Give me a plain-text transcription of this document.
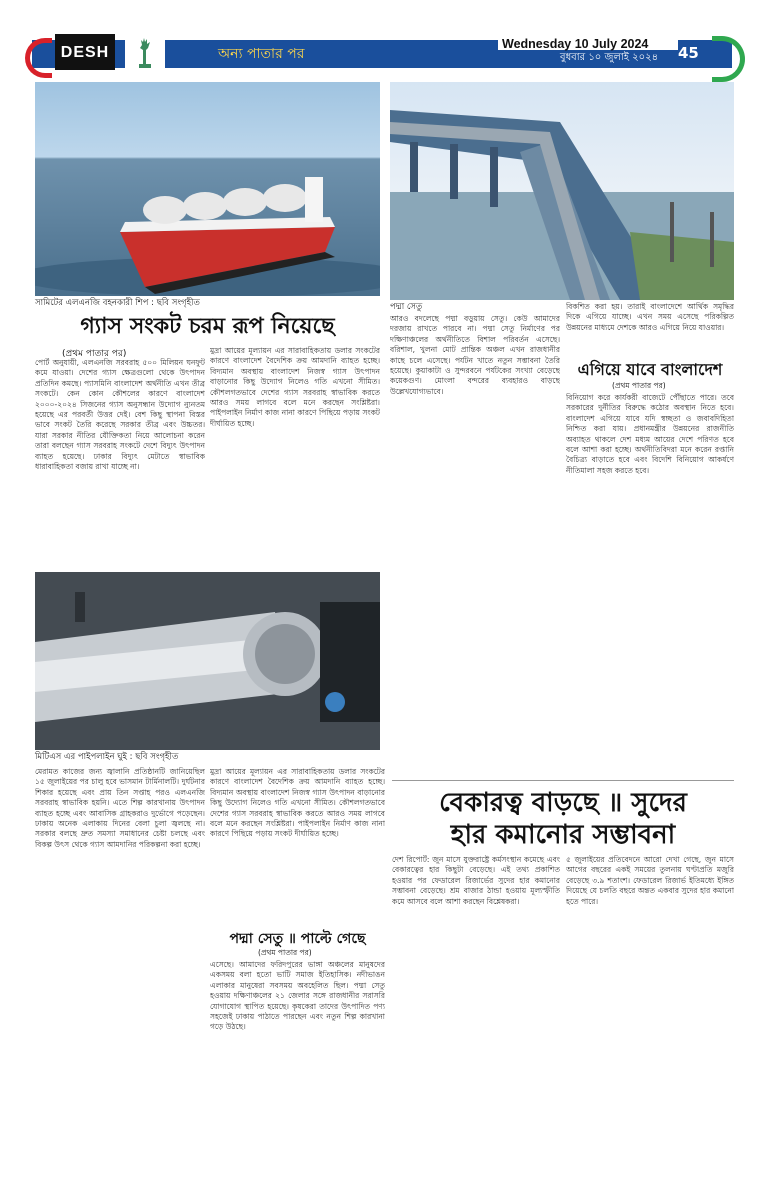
DESH	অন্য পাতার পর
Wednesday 10 July 2024
বুধবার ১০ জুলাই ২০২৪ 45
সামিটের এলএনজি বহনকারী শিপ : ছবি সংগৃহীত	পদ্মা সেতু
গ্যাস সংকট চরম রূপ নিয়েছে
(প্রথম পাতার পর)
পোর্ট অনুযায়ী, এলএনজি সরবরাহ ৫০০ মিলিয়ন ঘনফুট কমে যাওয়া। দেশের গ্যাস ক্ষেত্রগুলো থেকে উৎপাদন প্রতিদিন কমছে। প্যাসমিনি বাংলাদেশ অর্থনীতি এখন তীব্র সংকটে। কেন কোন কৌশলের কারণে বাংলাদেশ ২০০০-২০২৪ সিজনের গ্যাস অনুসন্ধান উদ্যোগ ন্যুনতম হয়েছে এর পরবর্তী উত্তর দেই। বেশ কিছু স্থাপনা বিস্তর ভাবে সংকট তৈরি করেছে সরকার তীব্র এবং উচ্চতর। যারা সরকার নীতির যৌক্তিকতা নিয়ে আলোচনা করেন তারা বলছেন গ্যাস সরবরাহ সংকটে দেশে বিদ্যুৎ উৎপাদন ব্যাহত হয়েছে। ঢাকার বিদ্যুৎ মেটাতে স্বাভাবিক ধারাবাহিকতা বজায় রাখা যাচ্ছে না।
মুদ্রা আয়ের মূল্যায়ন এর সারাবাহিকতায় ডলার সংকটের কারণে বাংলাদেশ বৈদেশিক ক্রয় আমদানি ব্যাহত হচ্ছে। বিদ্যমান অবস্থায় বাংলাদেশ নিজস্ব গ্যাস উৎপাদন বাড়ানোর কিছু উদ্যোগ নিলেও গতি এখনো সীমিত। কৌশলগতভাবে দেশের গ্যাস সরবরাহ স্বাভাবিক করতে আরও সময় লাগবে বলে মনে করছেন সংশ্লিষ্টরা। পাইপলাইন নির্মাণ কাজ নানা কারণে পিছিয়ে পড়ায় সংকট দীর্ঘায়িত হচ্ছে।
মিটিএস এর পাইপলাইন ঘুই : ছবি সংগৃহীত
মেরামত কাজের জন্য জ্বালানি প্রতিষ্ঠানটি জানিয়েছিল ১৫ জুলাইয়ের পর চালু হবে ভাসমান টার্মিনালটি। দুর্ঘটনার শিকার হয়েছে এবং প্রায় তিন সপ্তাহ পরও এলএনজি সরবরাহ স্বাভাবিক হয়নি। এতে শিল্প কারখানায় উৎপাদন ব্যাহত হচ্ছে এবং আবাসিক গ্রাহকরাও দুর্ভোগে পড়েছেন। ঢাকায় অনেক এলাকায় দিনের বেলা চুলা জ্বলছে না। সরকার বলছে দ্রুত সমস্যা সমাধানের চেষ্টা চলছে এবং বিকল্প উৎস থেকে গ্যাস আমদানির পরিকল্পনা করা হচ্ছে।
পদ্মা সেতু ॥ পাল্টে গেছে
(প্রথম পাতার পর)
মুদ্রা আয়ের মূল্যায়ন এর সারাবাহিকতায় ডলার সংকটের কারণে বাংলাদেশ বৈদেশিক ক্রয় আমদানি ব্যাহত হচ্ছে। বিদ্যমান অবস্থায় বাংলাদেশ নিজস্ব গ্যাস উৎপাদন বাড়ানোর কিছু উদ্যোগ নিলেও গতি এখনো সীমিত। কৌশলগতভাবে দেশের গ্যাস সরবরাহ স্বাভাবিক করতে আরও সময় লাগবে বলে মনে করছেন সংশ্লিষ্টরা। পাইপলাইন নির্মাণ কাজ নানা কারণে পিছিয়ে পড়ায় সংকট দীর্ঘায়িত হচ্ছে।
এসেছে। আমাদের ফরিদপুরের ভাঙ্গা অঞ্চলের মানুষদের একসময় বলা হতো ভাটি সমাজ ইতিহাসিক। নদীভাঙন এলাকার মানুষেরা সবসময় অবহেলিত ছিল। পদ্মা সেতু হওয়ায় দক্ষিণাঞ্চলের ২১ জেলার সঙ্গে রাজধানীর সরাসরি যোগাযোগ স্থাপিত হয়েছে। কৃষকেরা তাদের উৎপাদিত পণ্য সহজেই ঢাকায় পাঠাতে পারছেন এবং নতুন শিল্প কারখানা গড়ে উঠছে।
আরও বদলেছে পদ্মা বড়ুয়ায় সেতু। কেউ আমাদের দরজায় রাখতে পারবে না। পদ্মা সেতু নির্মাণের পর দক্ষিণাঞ্চলের অর্থনীতিতে বিশাল পরিবর্তন এসেছে। বরিশাল, খুলনা মোট প্রান্তিক অঞ্চল এখন রাজধানীর কাছে চলে এসেছে। পর্যটন খাতে নতুন সম্ভাবনা তৈরি হয়েছে। কুয়াকাটা ও সুন্দরবনে পর্যটকের সংখ্যা বেড়েছে কয়েকগুণ। মোংলা বন্দরের ব্যবহারও বাড়ছে উল্লেখযোগ্যভাবে।
বিকশিত করা হয়। তারাই বাংলাদেশে আর্থিক সমৃদ্ধির দিকে এগিয়ে যাচ্ছে। এখন সময় এসেছে পরিকল্পিত উন্নয়নের মাধ্যমে দেশকে আরও এগিয়ে নিয়ে যাওয়ার।
এগিয়ে যাবে বাংলাদেশ
(প্রথম পাতার পর)
বিনিয়োগ করে কার্যকরী বাজেটে পৌঁছাতে পারে। তবে সরকারের দুর্নীতির বিরুদ্ধে কঠোর অবস্থান নিতে হবে। বাংলাদেশ এগিয়ে যাবে যদি স্বচ্ছতা ও জবাবদিহিতা নিশ্চিত করা যায়। প্রধানমন্ত্রীর উন্নয়নের রাজনীতি অব্যাহত থাকলে দেশ মধ্যম আয়ের দেশে পরিণত হবে বলে আশা করা হচ্ছে। অর্থনীতিবিদরা মনে করেন রপ্তানি বৈচিত্র্য বাড়াতে হবে এবং বিদেশি বিনিয়োগ আকর্ষণে নীতিমালা সহজ করতে হবে।
বেকারত্ব বাড়ছে ॥ সুদের
হার কমানোর সম্ভাবনা
দেশ রিপোর্ট: জুন মাসে যুক্তরাষ্ট্রে কর্মসংস্থান কমেছে এবং বেকারত্বের হার কিছুটা বেড়েছে। এই তথ্য প্রকাশিত হওয়ার পর ফেডারেল রিজার্ভের সুদের হার কমানোর সম্ভাবনা বেড়েছে। শ্রম বাজার ঠান্ডা হওয়ায় মূল্যস্ফীতি কমে আসবে বলে আশা করছেন বিশ্লেষকরা।
৫ জুলাইয়ের প্রতিবেদনে আরো দেখা গেছে, জুন মাসে আগের বছরের একই সময়ের তুলনায় ঘণ্টাপ্রতি মজুরি বেড়েছে ৩.৯ শতাংশ। ফেডারেল রিজার্ভ ইতিমধ্যে ইঙ্গিত দিয়েছে যে চলতি বছরে অন্তত একবার সুদের হার কমানো হতে পারে।
